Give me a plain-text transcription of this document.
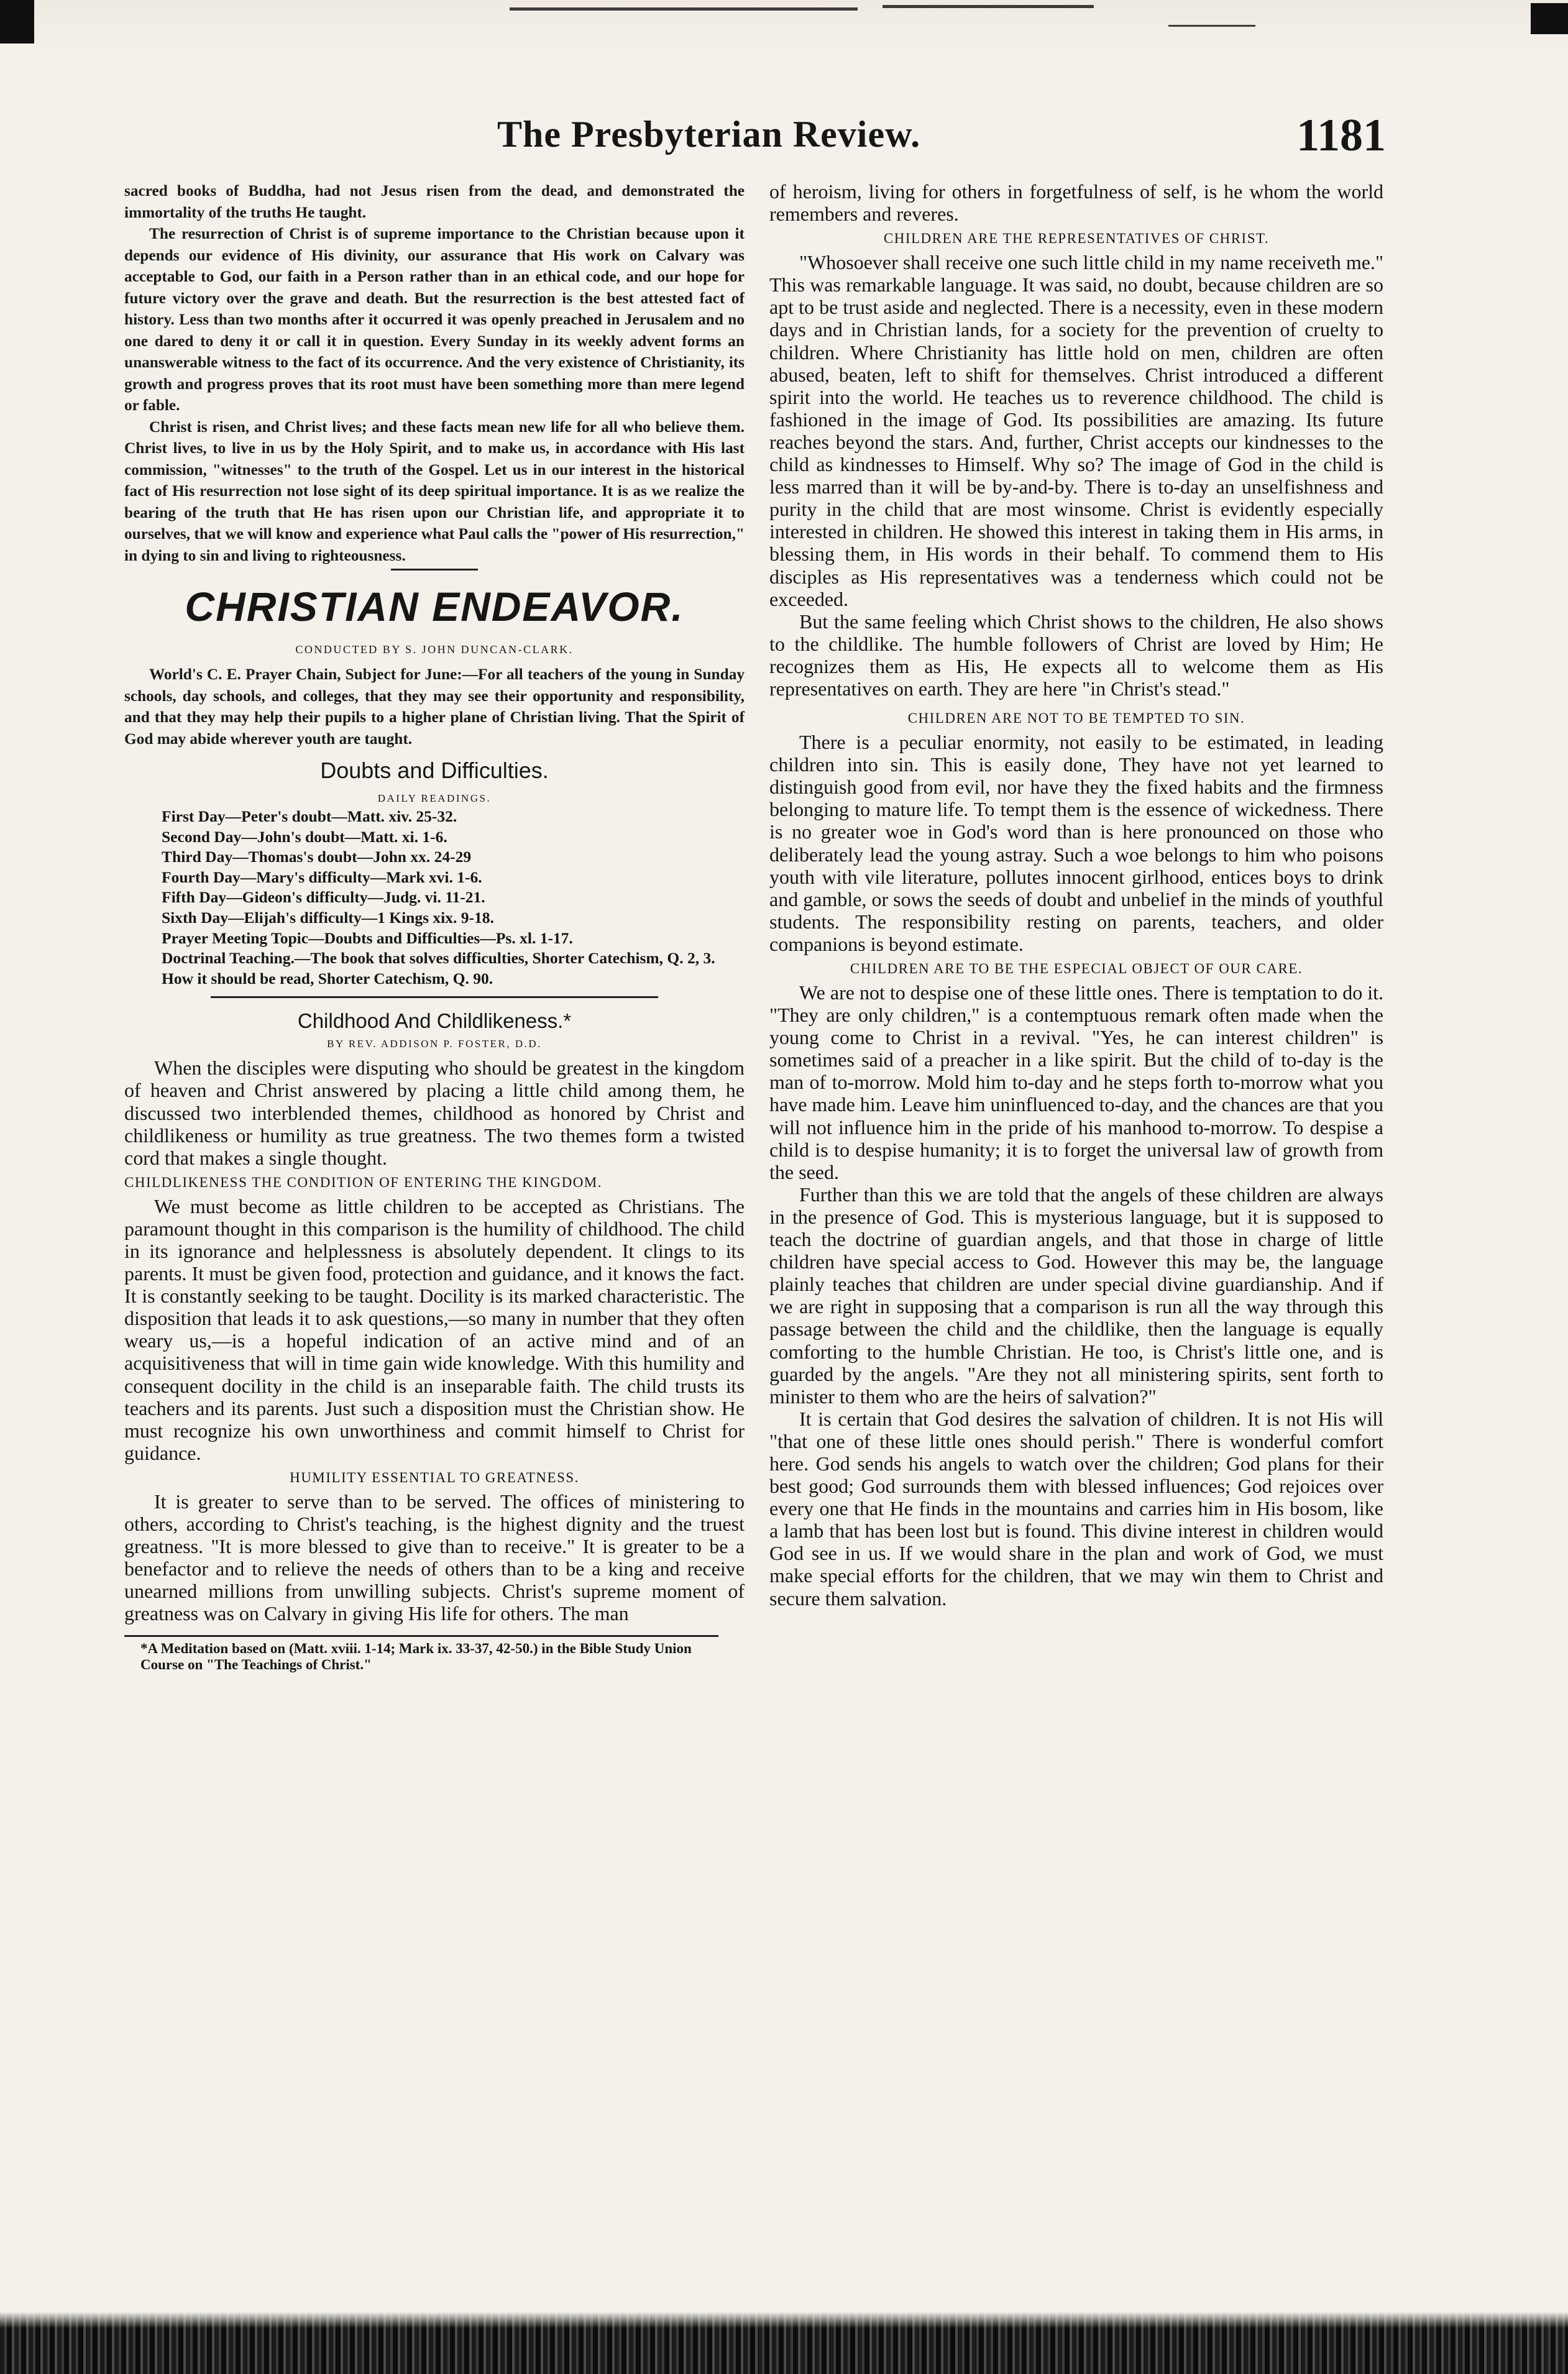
The Presbyterian Review.	1181

sacred books of Buddha, had not Jesus risen from the dead, and demonstrated the immortality of the truths He taught.

The resurrection of Christ is of supreme importance to the Christian because upon it depends our evidence of His divinity, our assurance that His work on Calvary was acceptable to God, our faith in a Person rather than in an ethical code, and our hope for future victory over the grave and death. But the resurrection is the best attested fact of history. Less than two months after it occurred it was openly preached in Jerusalem and no one dared to deny it or call it in question. Every Sunday in its weekly advent forms an unanswerable witness to the fact of its occurrence. And the very existence of Christianity, its growth and progress proves that its root must have been something more than mere legend or fable.

Christ is risen, and Christ lives; and these facts mean new life for all who believe them. Christ lives, to live in us by the Holy Spirit, and to make us, in accordance with His last commission, "witnesses" to the truth of the Gospel. Let us in our interest in the historical fact of His resurrection not lose sight of its deep spiritual importance. It is as we realize the bearing of the truth that He has risen upon our Christian life, and appropriate it to ourselves, that we will know and experience what Paul calls the "power of His resurrection," in dying to sin and living to righteousness.

CHRISTIAN ENDEAVOR.
CONDUCTED BY S. JOHN DUNCAN-CLARK.

World's C. E. Prayer Chain, Subject for June:—For all teachers of the young in Sunday schools, day schools, and colleges, that they may see their opportunity and responsibility, and that they may help their pupils to a higher plane of Christian living. That the Spirit of God may abide wherever youth are taught.

Doubts and Difficulties.
DAILY READINGS.
First Day—Peter's doubt—Matt. xiv. 25-32.
Second Day—John's doubt—Matt. xi. 1-6.
Third Day—Thomas's doubt—John xx. 24-29
Fourth Day—Mary's difficulty—Mark xvi. 1-6.
Fifth Day—Gideon's difficulty—Judg. vi. 11-21.
Sixth Day—Elijah's difficulty—1 Kings xix. 9-18.
Prayer Meeting Topic—Doubts and Difficulties—Ps. xl. 1-17.
Doctrinal Teaching.—The book that solves difficulties, Shorter Catechism, Q. 2, 3. How it should be read, Shorter Catechism, Q. 90.
Childhood And Childlikeness.*
BY REV. ADDISON P. FOSTER, D.D.

When the disciples were disputing who should be greatest in the kingdom of heaven and Christ answered by placing a little child among them, he discussed two interblended themes, childhood as honored by Christ and childlikeness or humility as true greatness. The two themes form a twisted cord that makes a single thought.

CHILDLIKENESS THE CONDITION OF ENTERING THE KINGDOM.

We must become as little children to be accepted as Christians. The paramount thought in this comparison is the humility of childhood. The child in its ignorance and helplessness is absolutely dependent. It clings to its parents. It must be given food, protection and guidance, and it knows the fact. It is constantly seeking to be taught. Docility is its marked characteristic. The disposition that leads it to ask questions,—so many in number that they often weary us,—is a hopeful indication of an active mind and of an acquisitiveness that will in time gain wide knowledge. With this humility and consequent docility in the child is an inseparable faith. The child trusts its teachers and its parents. Just such a disposition must the Christian show. He must recognize his own unworthiness and commit himself to Christ for guidance.

HUMILITY ESSENTIAL TO GREATNESS.

It is greater to serve than to be served. The offices of ministering to others, according to Christ's teaching, is the highest dignity and the truest greatness. "It is more blessed to give than to receive." It is greater to be a benefactor and to relieve the needs of others than to be a king and receive unearned millions from unwilling subjects. Christ's supreme moment of greatness was on Calvary in giving His life for others. The man

*A Meditation based on (Matt. xviii. 1-14; Mark ix. 33-37, 42-50.) in the Bible Study Union Course on "The Teachings of Christ."

of heroism, living for others in forgetfulness of self, is he whom the world remembers and reveres.

CHILDREN ARE THE REPRESENTATIVES OF CHRIST.

"Whosoever shall receive one such little child in my name receiveth me." This was remarkable language. It was said, no doubt, because children are so apt to be trust aside and neglected. There is a necessity, even in these modern days and in Christian lands, for a society for the prevention of cruelty to children. Where Christianity has little hold on men, children are often abused, beaten, left to shift for themselves. Christ introduced a different spirit into the world. He teaches us to reverence childhood. The child is fashioned in the image of God. Its possibilities are amazing. Its future reaches beyond the stars. And, further, Christ accepts our kindnesses to the child as kindnesses to Himself. Why so? The image of God in the child is less marred than it will be by-and-by. There is to-day an unselfishness and purity in the child that are most winsome. Christ is evidently especially interested in children. He showed this interest in taking them in His arms, in blessing them, in His words in their behalf. To commend them to His disciples as His representatives was a tenderness which could not be exceeded.

But the same feeling which Christ shows to the children, He also shows to the childlike. The humble followers of Christ are loved by Him; He recognizes them as His, He expects all to welcome them as His representatives on earth. They are here "in Christ's stead."

CHILDREN ARE NOT TO BE TEMPTED TO SIN.

There is a peculiar enormity, not easily to be estimated, in leading children into sin. This is easily done, They have not yet learned to distinguish good from evil, nor have they the fixed habits and the firmness belonging to mature life. To tempt them is the essence of wickedness. There is no greater woe in God's word than is here pronounced on those who deliberately lead the young astray. Such a woe belongs to him who poisons youth with vile literature, pollutes innocent girlhood, entices boys to drink and gamble, or sows the seeds of doubt and unbelief in the minds of youthful students. The responsibility resting on parents, teachers, and older companions is beyond estimate.

CHILDREN ARE TO BE THE ESPECIAL OBJECT OF OUR CARE.

We are not to despise one of these little ones. There is temptation to do it. "They are only children," is a contemptuous remark often made when the young come to Christ in a revival. "Yes, he can interest children" is sometimes said of a preacher in a like spirit. But the child of to-day is the man of to-morrow. Mold him to-day and he steps forth to-morrow what you have made him. Leave him uninfluenced to-day, and the chances are that you will not influence him in the pride of his manhood to-morrow. To despise a child is to despise humanity; it is to forget the universal law of growth from the seed.

Further than this we are told that the angels of these children are always in the presence of God. This is mysterious language, but it is supposed to teach the doctrine of guardian angels, and that those in charge of little children have special access to God. However this may be, the language plainly teaches that children are under special divine guardianship. And if we are right in supposing that a comparison is run all the way through this passage between the child and the childlike, then the language is equally comforting to the humble Christian. He too, is Christ's little one, and is guarded by the angels. "Are they not all ministering spirits, sent forth to minister to them who are the heirs of salvation?"

It is certain that God desires the salvation of children. It is not His will "that one of these little ones should perish." There is wonderful comfort here. God sends his angels to watch over the children; God plans for their best good; God surrounds them with blessed influences; God rejoices over every one that He finds in the mountains and carries him in His bosom, like a lamb that has been lost but is found. This divine interest in children would God see in us. If we would share in the plan and work of God, we must make special efforts for the children, that we may win them to Christ and secure them salvation.
